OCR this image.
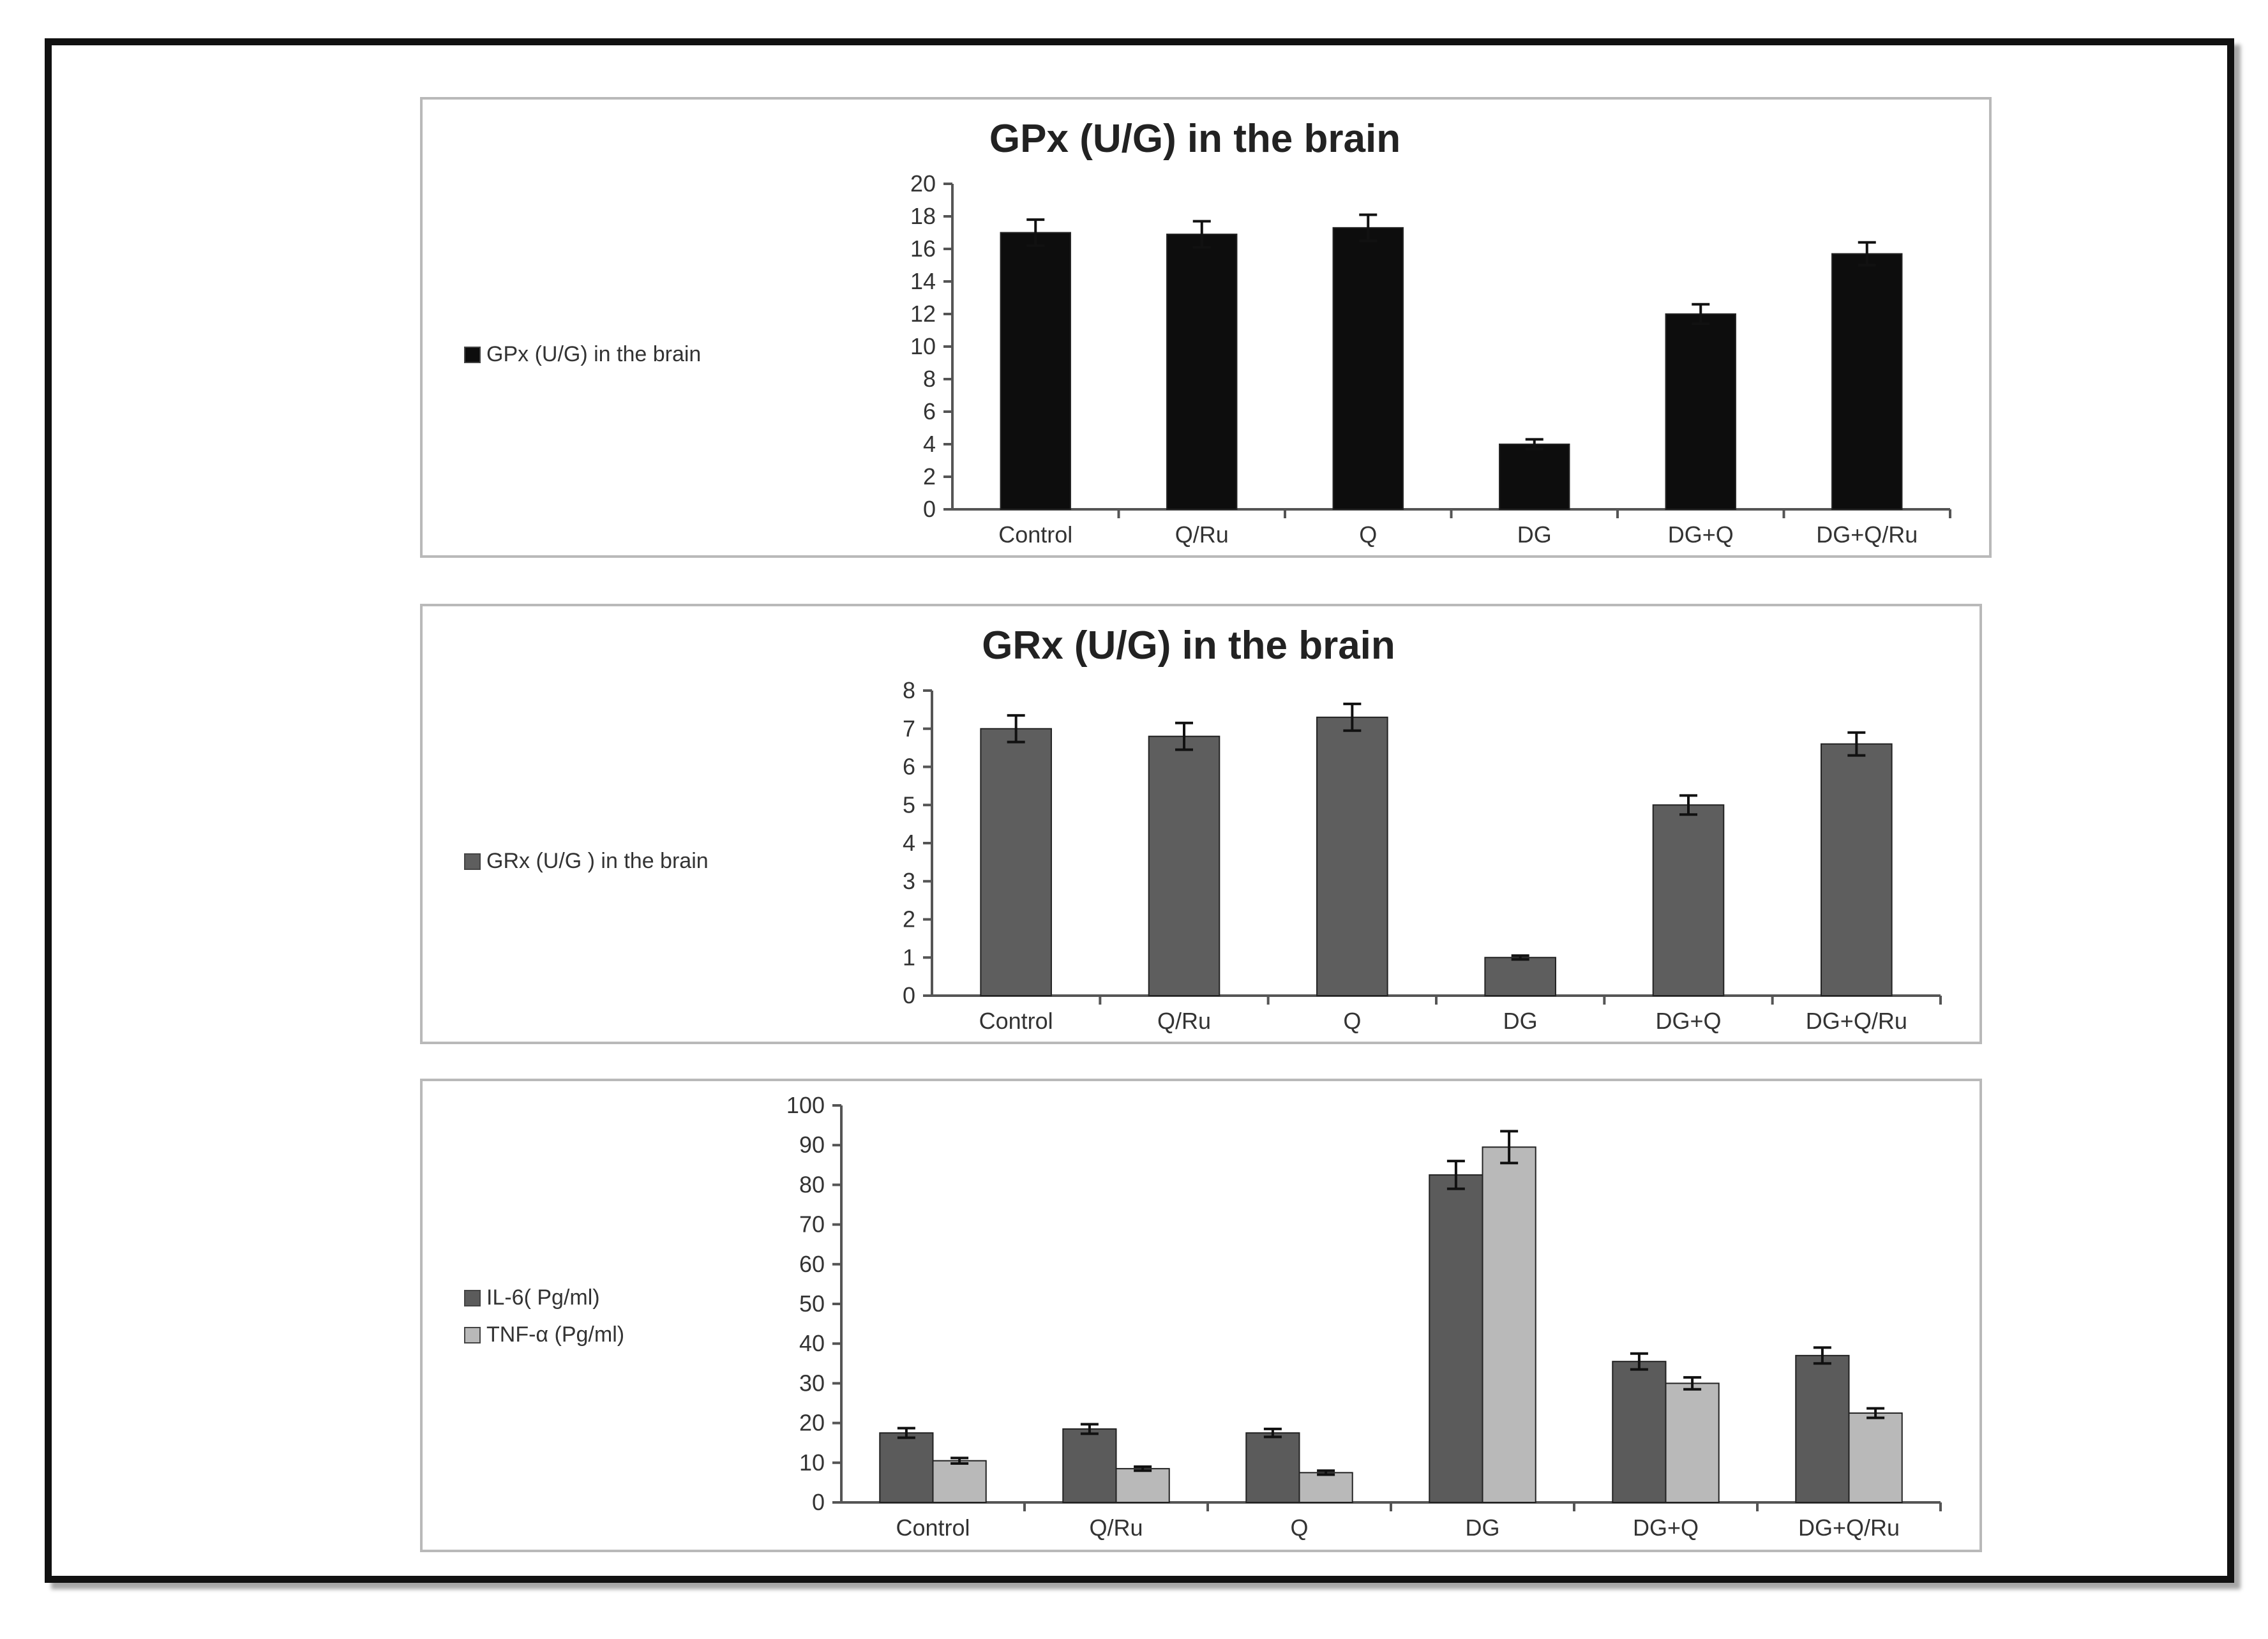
GPx (U/G) in the brain
0
2
4
6
8
10
12
14
16
18
20
Control	Q/Ru	Q	DG	DG+Q	DG+Q/Ru
GPx (U/G) in the brain
GRx (U/G) in the brain
0
1
2
3
4
5
6
7
8
Control	Q/Ru	Q	DG	DG+Q	DG+Q/Ru
GRx (U/G ) in the brain
0
10
20
30
40
50
60
70
80
90
100
Control	Q/Ru	Q	DG	DG+Q	DG+Q/Ru
IL-6( Pg/ml)
TNF-α (Pg/ml)
